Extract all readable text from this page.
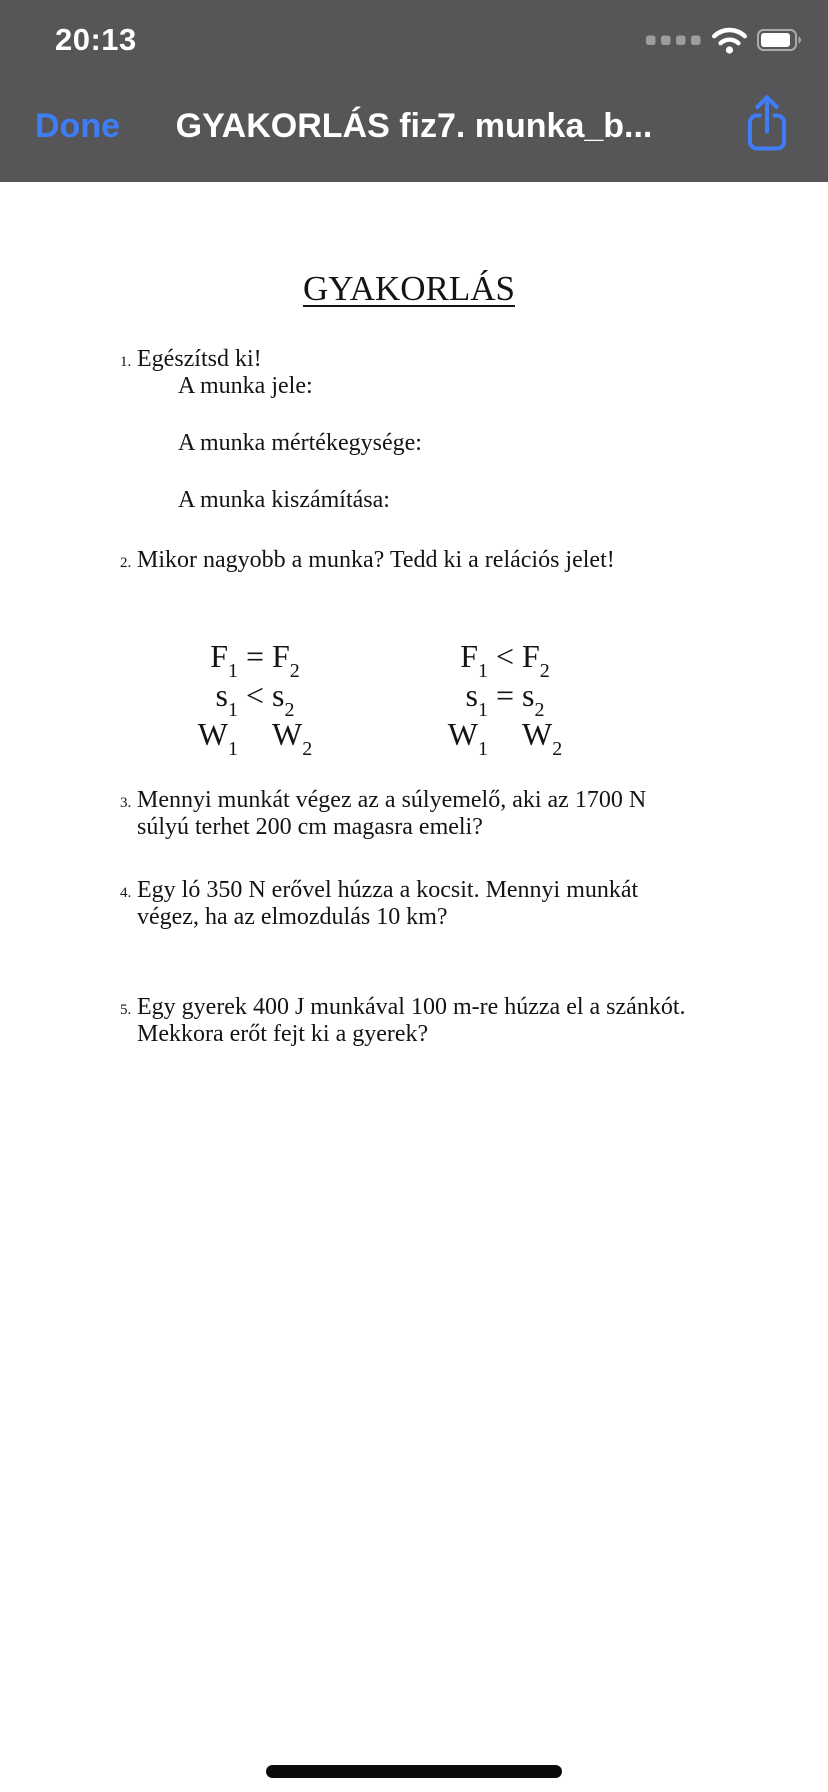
20:13
Done GYAKORLÁS fiz7. munka_b...
GYAKORLÁS
1. Egészítsd ki!
A munka jele:
A munka mértékegysége:
A munka kiszámítása:
2. Mikor nagyobb a munka? Tedd ki a relációs jelet!
$F_1 = F_2$
$s_1 < s_2$
$W_1$ $W_2$
$F_1 < F_2$
$s_1 = s_2$
$W_1$ $W_2$
3. Mennyi munkát végez az a súlyemelő, aki az 1700 N
súlyú terhet 200 cm magasra emeli?
4. Egy ló 350 N erővel húzza a kocsit. Mennyi munkát
végez, ha az elmozdulás 10 km?
5. Egy gyerek 400 J munkával 100 m-re húzza el a szánkót.
Mekkora erőt fejt ki a gyerek?
